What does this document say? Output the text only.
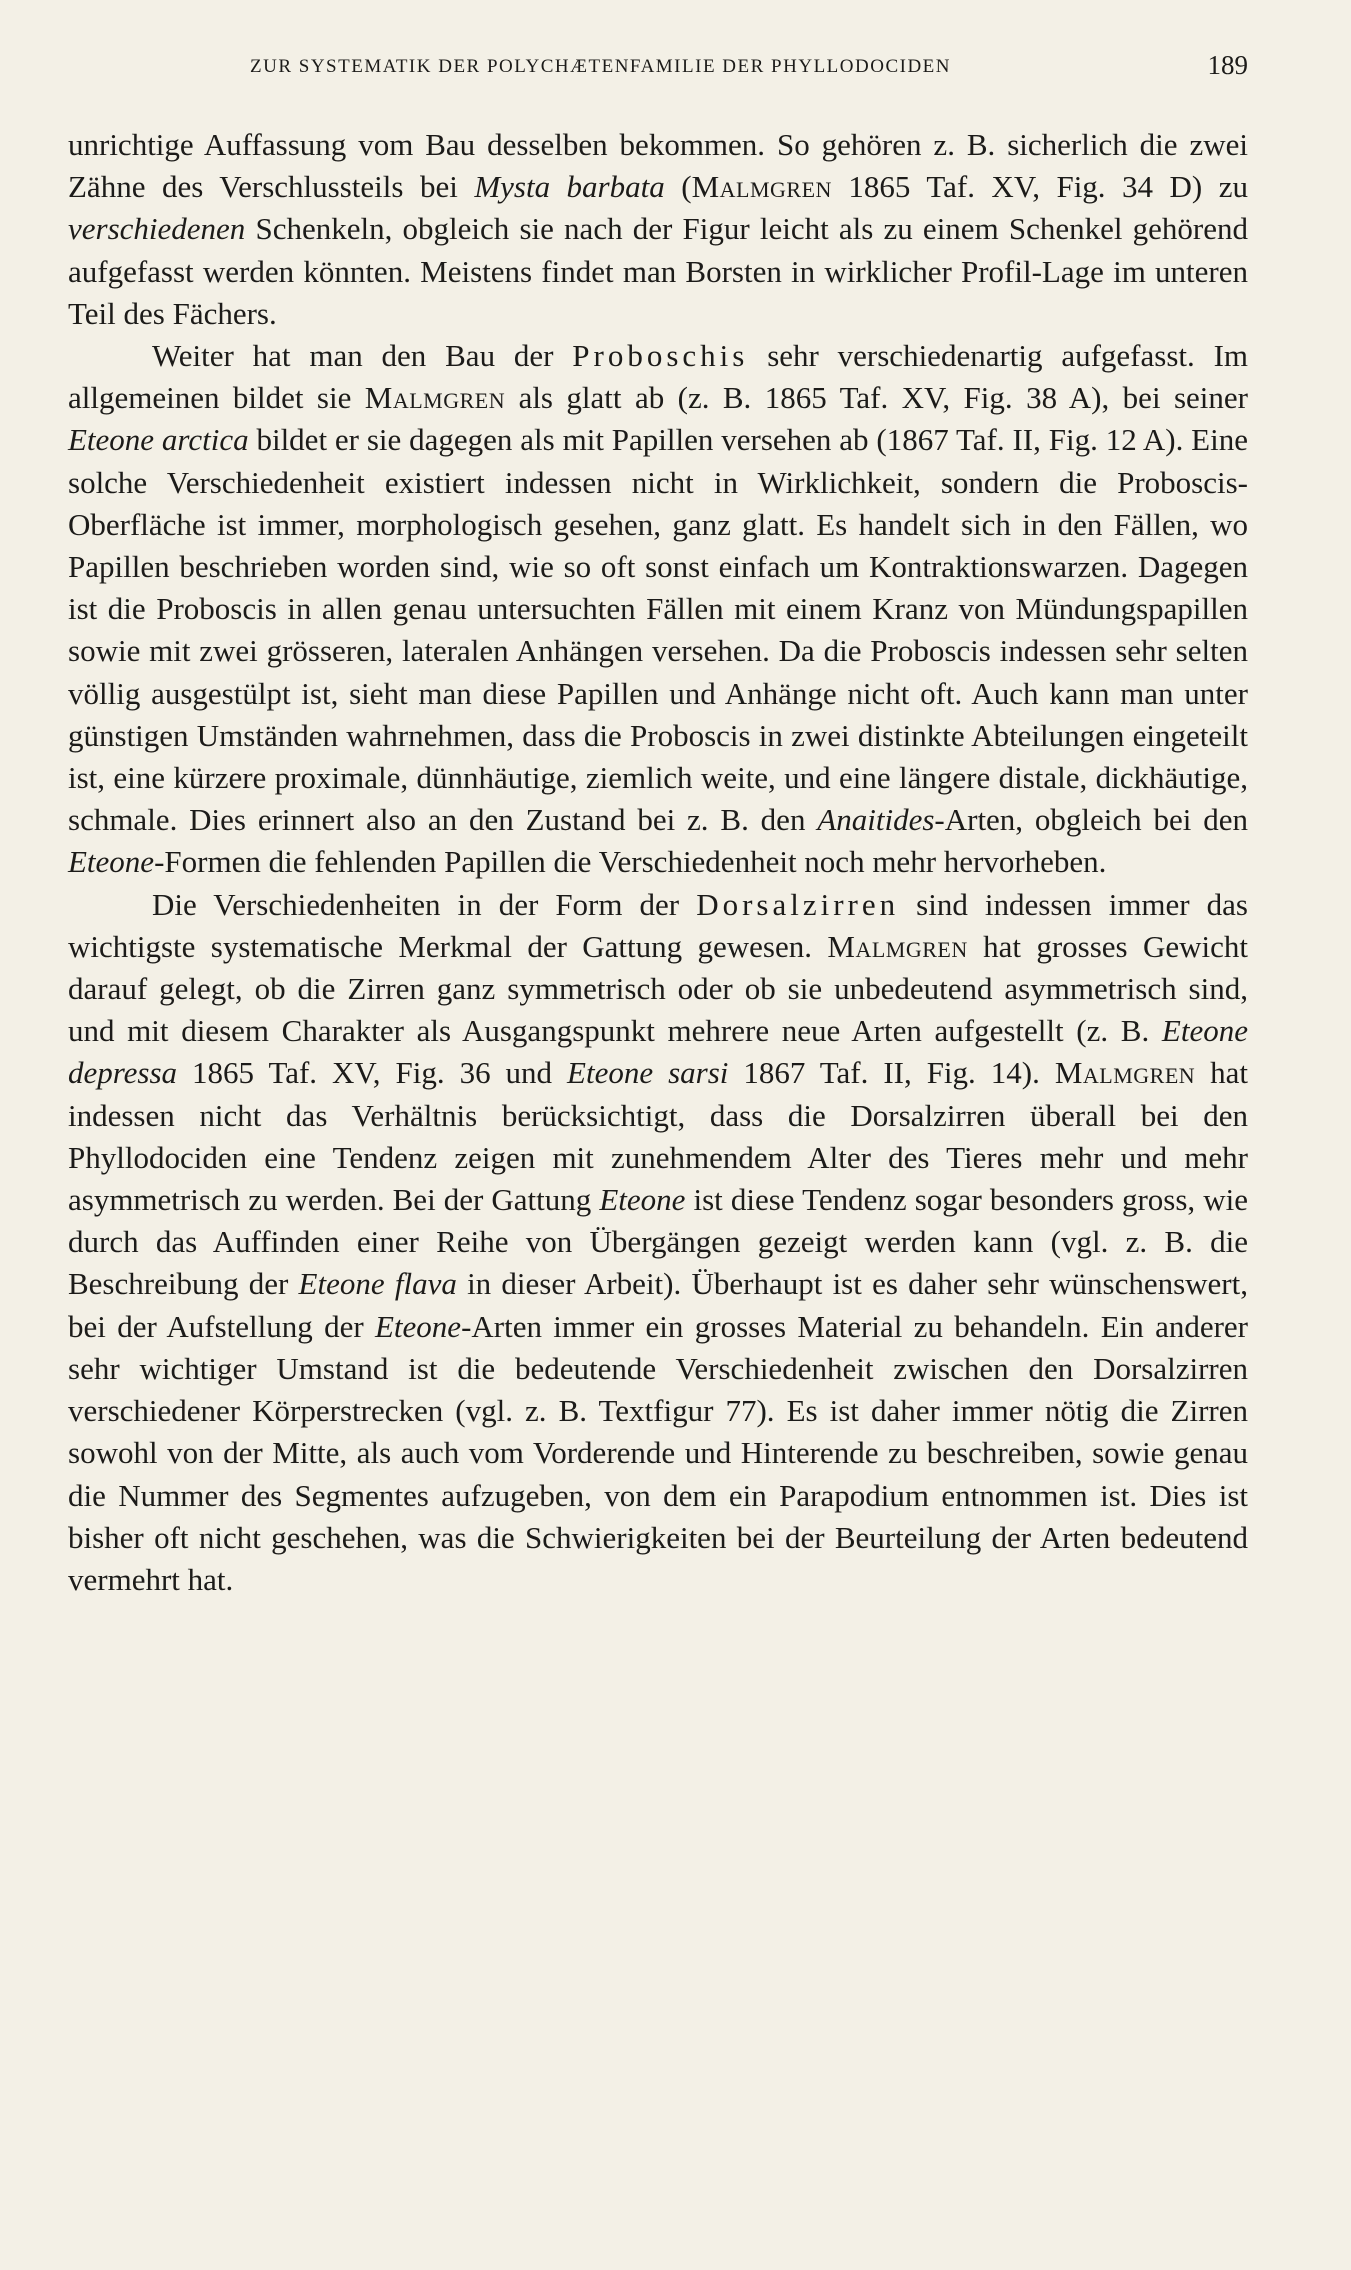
ZUR SYSTEMATIK DER POLYCHÆTENFAMILIE DER PHYLLODOCIDEN	189

unrichtige Auffassung vom Bau desselben bekommen. So gehören z. B. sicherlich die zwei Zähne des Verschlussteils bei Mysta barbata (Malmgren 1865 Taf. XV, Fig. 34 D) zu verschiedenen Schenkeln, obgleich sie nach der Figur leicht als zu einem Schenkel gehörend aufgefasst werden könnten. Meistens findet man Borsten in wirklicher Profil-Lage im unteren Teil des Fächers.

Weiter hat man den Bau der Proboschis sehr verschiedenartig aufgefasst. Im allgemeinen bildet sie Malmgren als glatt ab (z. B. 1865 Taf. XV, Fig. 38 A), bei seiner Eteone arctica bildet er sie dagegen als mit Papillen versehen ab (1867 Taf. II, Fig. 12 A). Eine solche Verschiedenheit existiert indessen nicht in Wirklichkeit, sondern die Proboscis-Oberfläche ist immer, morphologisch gesehen, ganz glatt. Es handelt sich in den Fällen, wo Papillen beschrieben worden sind, wie so oft sonst einfach um Kontraktionswarzen. Dagegen ist die Proboscis in allen genau untersuchten Fällen mit einem Kranz von Mündungspapillen sowie mit zwei grösseren, lateralen Anhängen versehen. Da die Proboscis indessen sehr selten völlig ausgestülpt ist, sieht man diese Papillen und Anhänge nicht oft. Auch kann man unter günstigen Umständen wahrnehmen, dass die Proboscis in zwei distinkte Abteilungen eingeteilt ist, eine kürzere proximale, dünnhäutige, ziemlich weite, und eine längere distale, dickhäutige, schmale. Dies erinnert also an den Zustand bei z. B. den Anaitides-Arten, obgleich bei den Eteone-Formen die fehlenden Papillen die Verschiedenheit noch mehr hervorheben.

Die Verschiedenheiten in der Form der Dorsalzirren sind indessen immer das wichtigste systematische Merkmal der Gattung gewesen. Malmgren hat grosses Gewicht darauf gelegt, ob die Zirren ganz symmetrisch oder ob sie unbedeutend asymmetrisch sind, und mit diesem Charakter als Ausgangspunkt mehrere neue Arten aufgestellt (z. B. Eteone depressa 1865 Taf. XV, Fig. 36 und Eteone sarsi 1867 Taf. II, Fig. 14). Malmgren hat indessen nicht das Verhältnis berücksichtigt, dass die Dorsalzirren überall bei den Phyllodociden eine Tendenz zeigen mit zunehmendem Alter des Tieres mehr und mehr asymmetrisch zu werden. Bei der Gattung Eteone ist diese Tendenz sogar besonders gross, wie durch das Auffinden einer Reihe von Übergängen gezeigt werden kann (vgl. z. B. die Beschreibung der Eteone flava in dieser Arbeit). Überhaupt ist es daher sehr wünschenswert, bei der Aufstellung der Eteone-Arten immer ein grosses Material zu behandeln. Ein anderer sehr wichtiger Umstand ist die bedeutende Verschiedenheit zwischen den Dorsalzirren verschiedener Körperstrecken (vgl. z. B. Textfigur 77). Es ist daher immer nötig die Zirren sowohl von der Mitte, als auch vom Vorderende und Hinterende zu beschreiben, sowie genau die Nummer des Segmentes aufzugeben, von dem ein Parapodium entnommen ist. Dies ist bisher oft nicht geschehen, was die Schwierigkeiten bei der Beurteilung der Arten bedeutend vermehrt hat.
